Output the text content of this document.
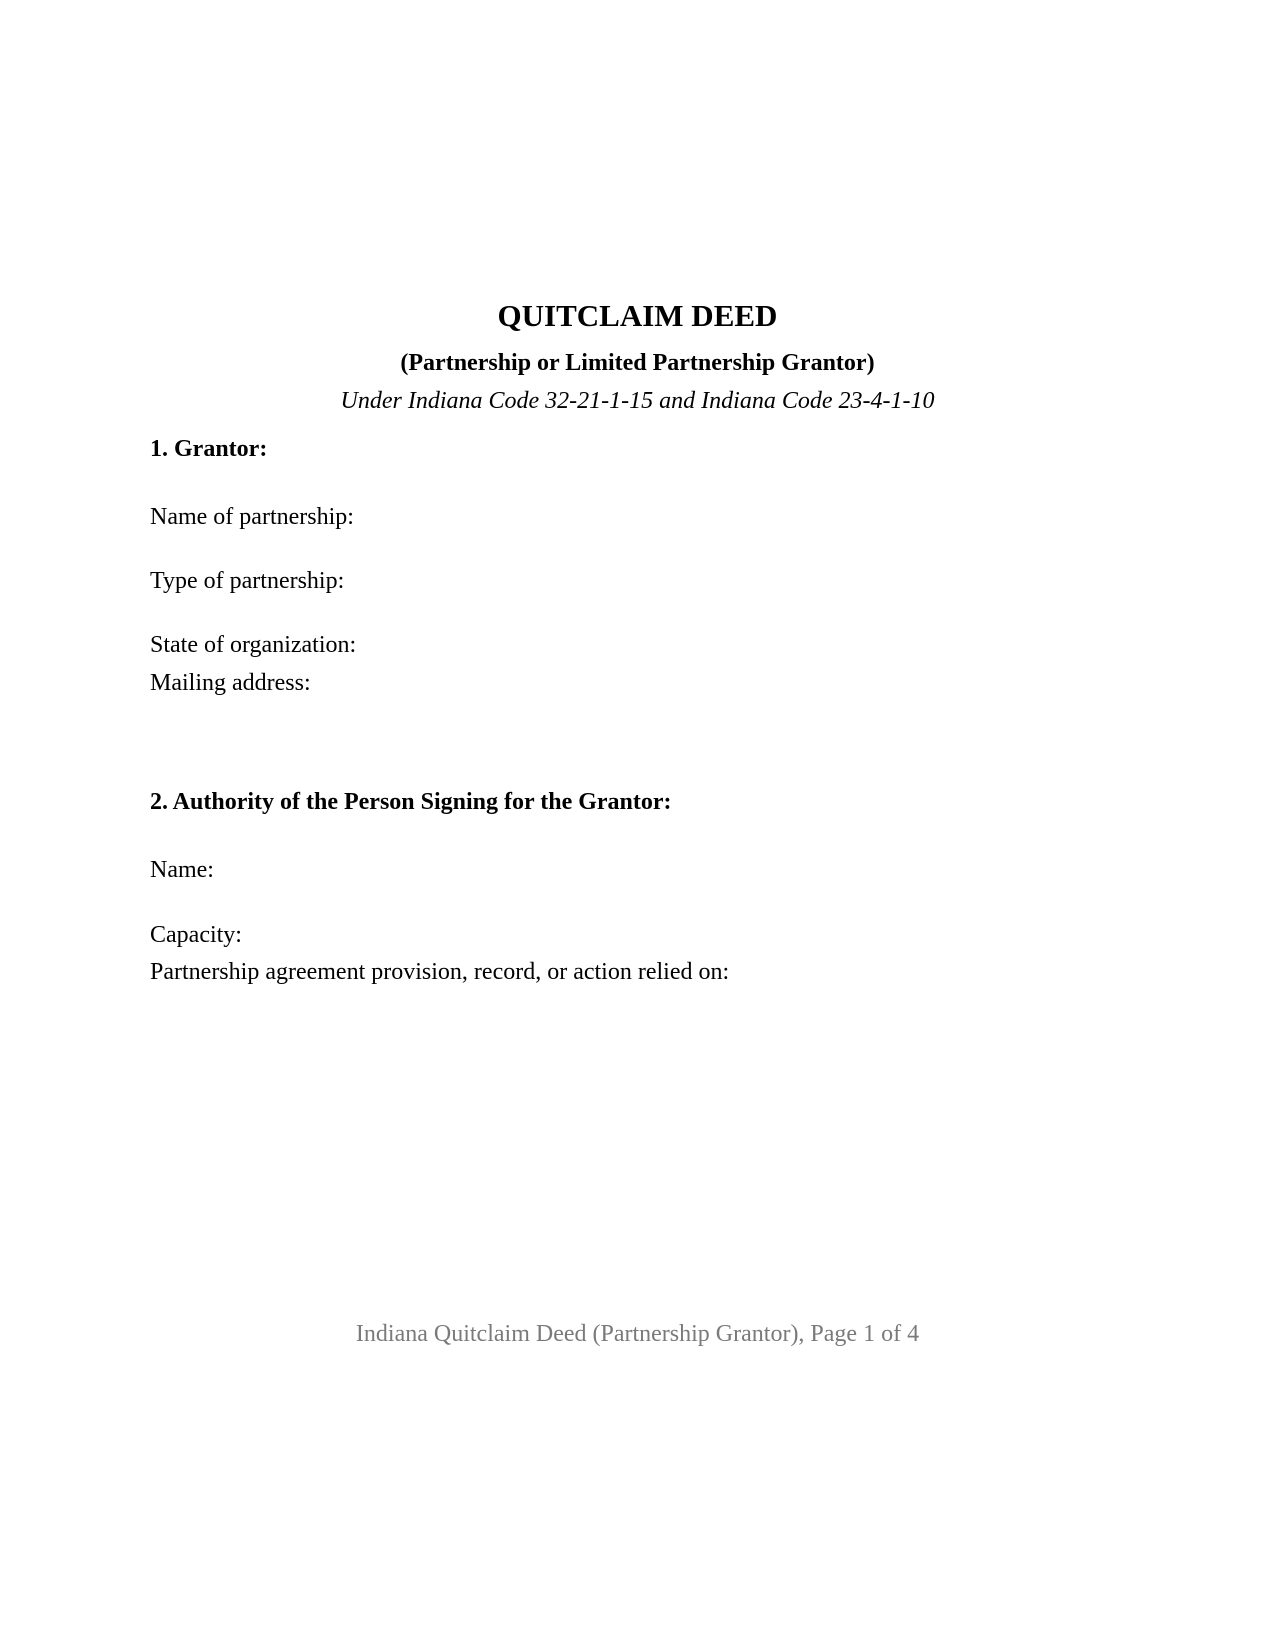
QUITCLAIM DEED
(Partnership or Limited Partnership Grantor)
Under Indiana Code 32-21-1-15 and Indiana Code 23-4-1-10
1. Grantor:
Name of partnership:
Type of partnership:
State of organization:
Mailing address:
2. Authority of the Person Signing for the Grantor:
Name:
Capacity:
Partnership agreement provision, record, or action relied on:
Indiana Quitclaim Deed (Partnership Grantor), Page 1 of 4
